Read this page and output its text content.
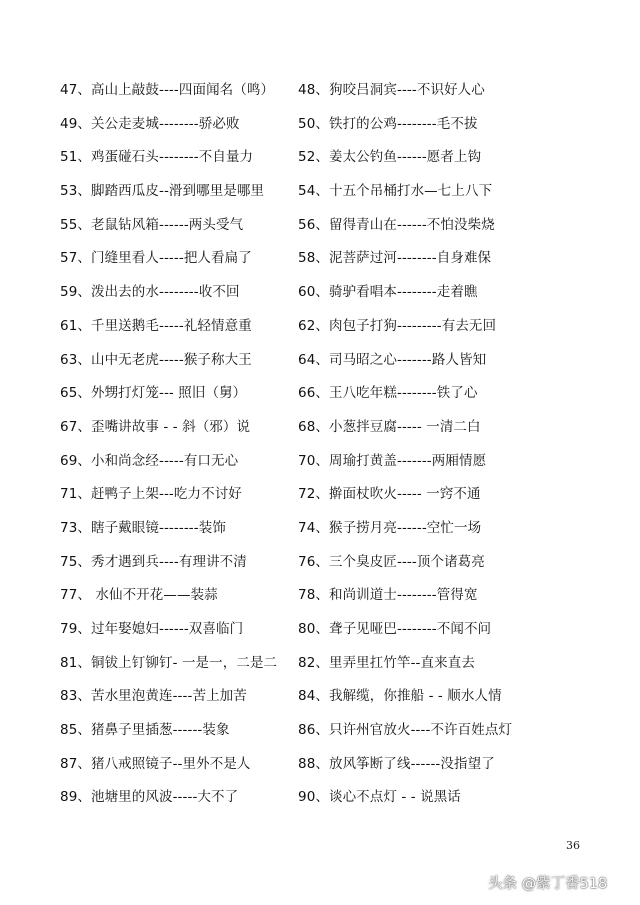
47、高山上敲鼓----四面闻名（鸣） 48、狗咬吕洞宾----不识好人心
49、关公走麦城--------骄必败	50、铁打的公鸡--------毛不拔
51、鸡蛋碰石头--------不自量力	52、姜太公钓鱼------愿者上钩
53、脚踏西瓜皮--滑到哪里是哪里	54、十五个吊桶打水—七上八下
55、老鼠钻风箱------两头受气	56、留得青山在------不怕没柴烧
57、门缝里看人-----把人看扁了	58、泥菩萨过河--------自身难保
59、泼出去的水--------收不回	60、骑驴看唱本--------走着瞧
61、千里送鹅毛-----礼轻情意重	62、肉包子打狗---------有去无回
63、山中无老虎-----猴子称大王	64、司马昭之心-------路人皆知
65、外甥打灯笼--- 照旧（舅）	66、王八吃年糕--------铁了心
67、歪嘴讲故事 - - 斜（邪）说	68、小葱拌豆腐----- 一清二白
69、小和尚念经-----有口无心	70、周瑜打黄盖-------两厢情愿
71、赶鸭子上架---吃力不讨好	72、擀面杖吹火----- 一窍不通
73、瞎子戴眼镜--------装饰	74、猴子捞月亮------空忙一场
75、秀才遇到兵----有理讲不清	76、三个臭皮匠----顶个诸葛亮
77、 水仙不开花——装蒜	78、和尚训道士--------管得宽
79、过年娶媳妇------双喜临门	80、聋子见哑巴--------不闻不问
81、铜钹上钉铆钉- 一是一，二是二 82、里弄里扛竹竿--直来直去
83、苦水里泡黄连----苦上加苦	84、我解缆，你推船 - - 顺水人情
85、猪鼻子里插葱------装象	86、只许州官放火----不许百姓点灯
87、猪八戒照镜子--里外不是人	88、放风筝断了线------没指望了
89、池塘里的风波-----大不了	90、谈心不点灯 - - 说黑话
36
头条 @紫丁香518
